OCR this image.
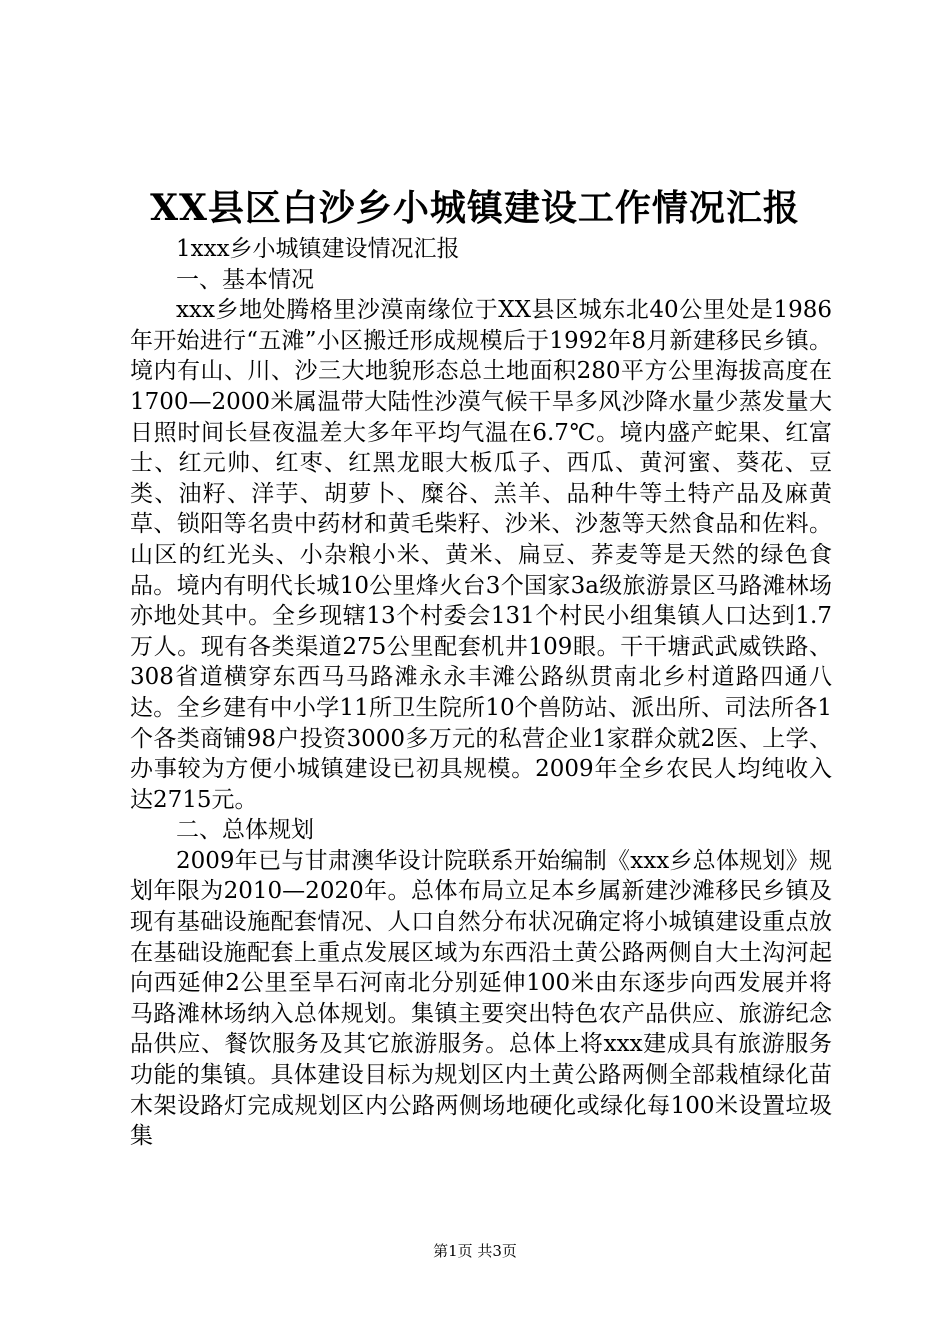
XX县区白沙乡小城镇建设工作情况汇报

1xxx乡小城镇建设情况汇报

一、基本情况

xxx乡地处腾格里沙漠南缘位于XX县区城东北40公里处是1986年开始进行“五滩”小区搬迁形成规模后于1992年8月新建移民乡镇。境内有山、川、沙三大地貌形态总土地面积280平方公里海拔高度在1700—2000米属温带大陆性沙漠气候干旱多风沙降水量少蒸发量大日照时间长昼夜温差大多年平均气温在6.7℃。境内盛产蛇果、红富士、红元帅、红枣、红黑龙眼大板瓜子、西瓜、黄河蜜、葵花、豆类、油籽、洋芋、胡萝卜、糜谷、羔羊、品种牛等土特产品及麻黄草、锁阳等名贵中药材和黄毛柴籽、沙米、沙葱等天然食品和佐料。山区的红光头、小杂粮小米、黄米、扁豆、荞麦等是天然的绿色食品。境内有明代长城10公里烽火台3个国家3a级旅游景区马路滩林场亦地处其中。全乡现辖13个村委会131个村民小组集镇人口达到1.7万人。现有各类渠道275公里配套机井109眼。干干塘武武威铁路、308省道横穿东西马马路滩永永丰滩公路纵贯南北乡村道路四通八达。全乡建有中小学11所卫生院所10个兽防站、派出所、司法所各1个各类商铺98户投资3000多万元的私营企业1家群众就2医、上学、办事较为方便小城镇建设已初具规模。2009年全乡农民人均纯收入达2715元。

二、总体规划

2009年已与甘肃澳华设计院联系开始编制《xxx乡总体规划》规划年限为2010—2020年。总体布局立足本乡属新建沙滩移民乡镇及现有基础设施配套情况、人口自然分布状况确定将小城镇建设重点放在基础设施配套上重点发展区域为东西沿土黄公路两侧自大土沟河起向西延伸2公里至旱石河南北分别延伸100米由东逐步向西发展并将马路滩林场纳入总体规划。集镇主要突出特色农产品供应、旅游纪念品供应、餐饮服务及其它旅游服务。总体上将xxx建成具有旅游服务功能的集镇。具体建设目标为规划区内土黄公路两侧全部栽植绿化苗木架设路灯完成规划区内公路两侧场地硬化或绿化每100米设置垃圾集

第1页 共3页
